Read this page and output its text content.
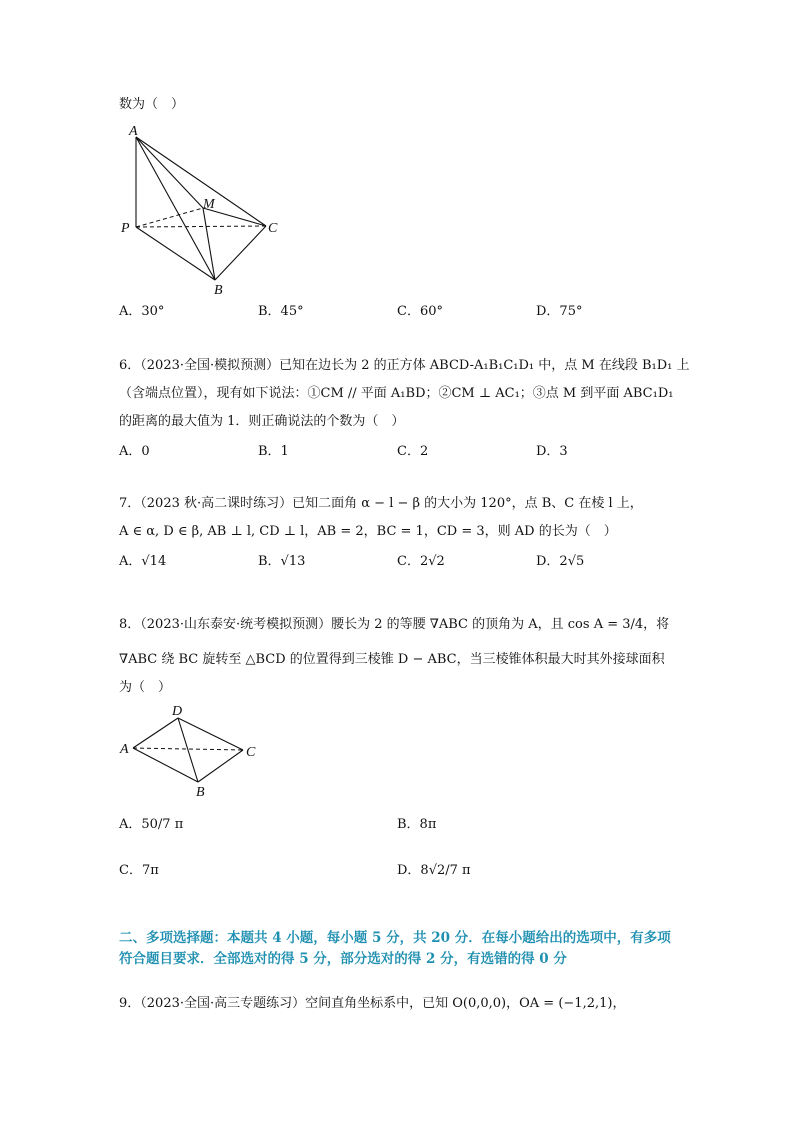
数为（　）
A
M
P	C
B
A．30°	B．45°	C．60°	D．75°
6．（2023·全国·模拟预测）已知在边长为 2 的正方体 ABCD-A₁B₁C₁D₁ 中，点 M 在线段 B₁D₁ 上
（含端点位置），现有如下说法：①CM // 平面 A₁BD；②CM ⊥ AC₁；③点 M 到平面 ABC₁D₁
的距离的最大值为 1．则正确说法的个数为（　）
A．0	B．1	C．2	D．3
7．（2023 秋·高二课时练习）已知二面角 α − l − β 的大小为 120°，点 B、C 在棱 l 上，
A ∈ α, D ∈ β, AB ⊥ l, CD ⊥ l，AB = 2，BC = 1，CD = 3，则 AD 的长为（　）
A．√14	B．√13	C．2√2	D．2√5
8．（2023·山东泰安·统考模拟预测）腰长为 2 的等腰 ∇ABC 的顶角为 A，且 cos A = 3/4，将
∇ABC 绕 BC 旋转至 △BCD 的位置得到三棱锥 D − ABC，当三棱锥体积最大时其外接球面积
为（　）
D
A	C
B
A．50/7 π	B．8π
C．7π	D．8√2/7 π
二、多项选择题：本题共 4 小题，每小题 5 分，共 20 分．在每小题给出的选项中，有多项符合题目要求．全部选对的得 5 分，部分选对的得 2 分，有选错的得 0 分
9．（2023·全国·高三专题练习）空间直角坐标系中，已知 O(0,0,0)，OA = (−1,2,1)，
